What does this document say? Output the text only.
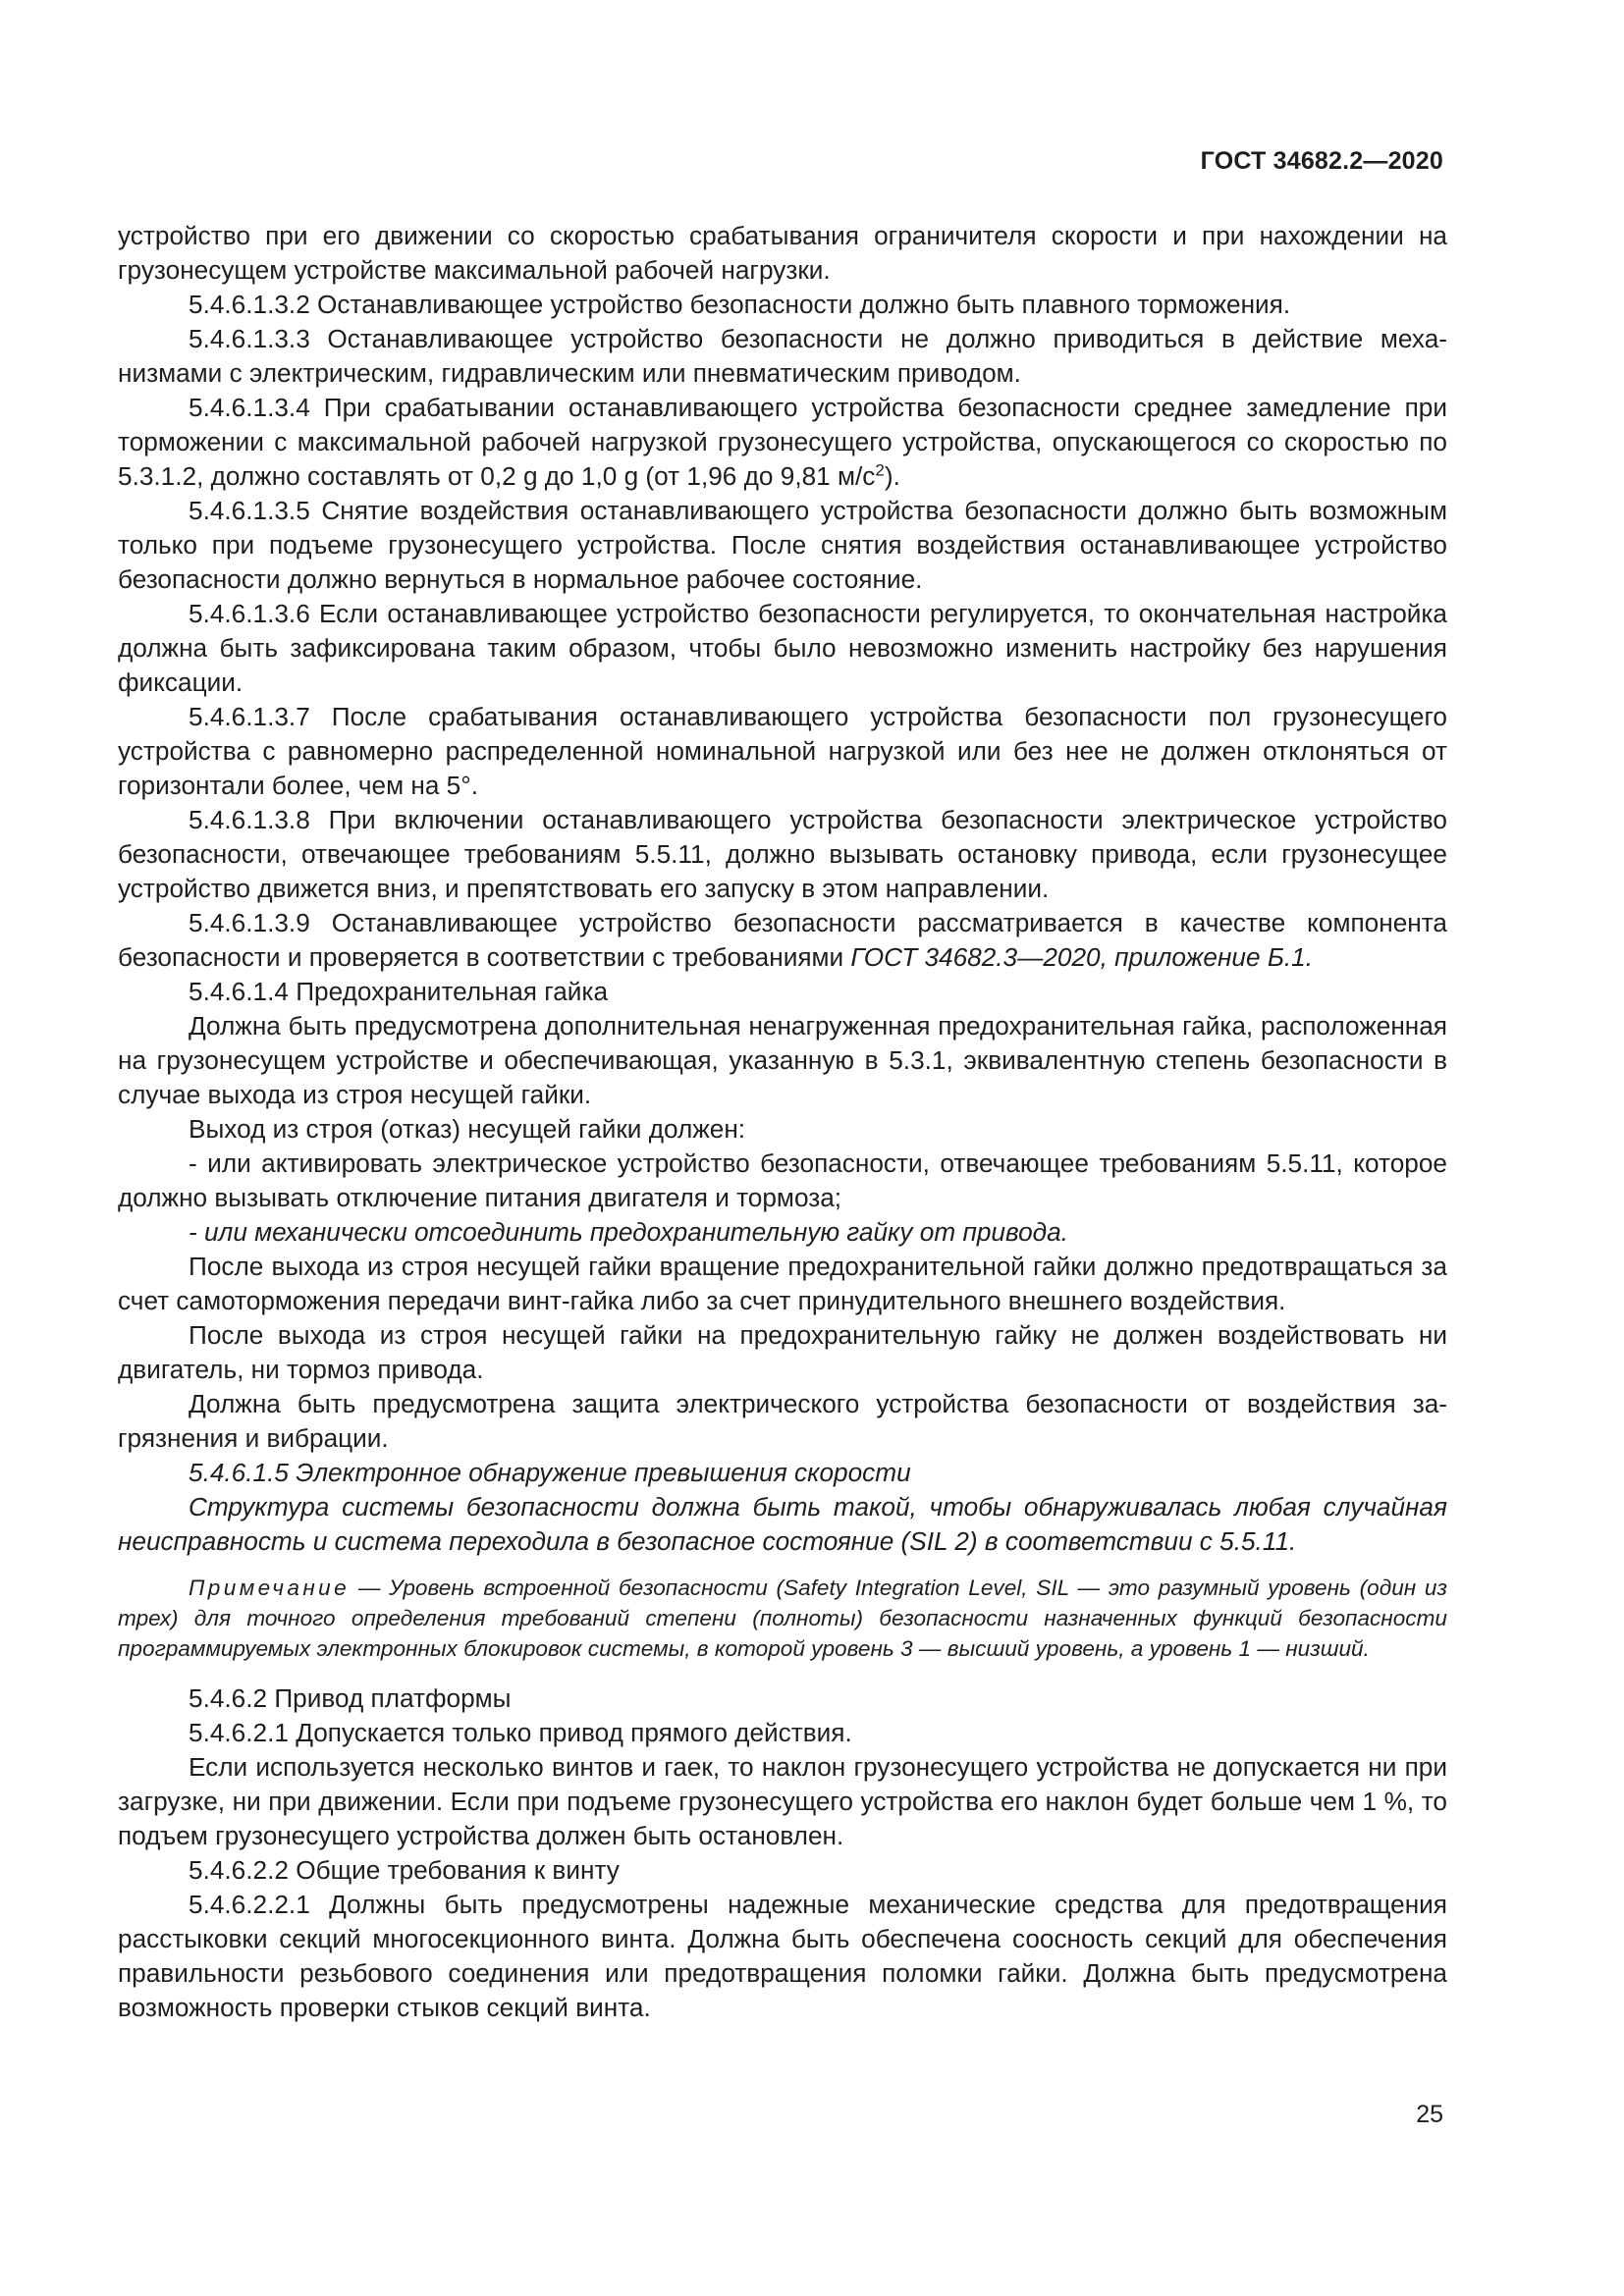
ГОСТ 34682.2—2020

устройство при его движении со скоростью срабатывания ограничителя скорости и при нахождении на грузонесущем устройстве максимальной рабочей нагрузки.

5.4.6.1.3.2 Останавливающее устройство безопасности должно быть плавного торможения.

5.4.6.1.3.3 Останавливающее устройство безопасности не должно приводиться в действие механизмами с электрическим, гидравлическим или пневматическим приводом.

5.4.6.1.3.4 При срабатывании останавливающего устройства безопасности среднее замедление при торможении с максимальной рабочей нагрузкой грузонесущего устройства, опускающегося со скоростью по 5.3.1.2, должно составлять от 0,2 g до 1,0 g (от 1,96 до 9,81 $м/с^2$).

5.4.6.1.3.5 Снятие воздействия останавливающего устройства безопасности должно быть возможным только при подъеме грузонесущего устройства. После снятия воздействия останавливающее устройство безопасности должно вернуться в нормальное рабочее состояние.

5.4.6.1.3.6 Если останавливающее устройство безопасности регулируется, то окончательная настройка должна быть зафиксирована таким образом, чтобы было невозможно изменить настройку без нарушения фиксации.

5.4.6.1.3.7 После срабатывания останавливающего устройства безопасности пол грузонесущего устройства с равномерно распределенной номинальной нагрузкой или без нее не должен отклоняться от горизонтали более, чем на 5°.

5.4.6.1.3.8 При включении останавливающего устройства безопасности электрическое устройство безопасности, отвечающее требованиям 5.5.11, должно вызывать остановку привода, если грузонесущее устройство движется вниз, и препятствовать его запуску в этом направлении.

5.4.6.1.3.9 Останавливающее устройство безопасности рассматривается в качестве компонента безопасности и проверяется в соответствии с требованиями ГОСТ 34682.3—2020, приложение Б.1.

5.4.6.1.4 Предохранительная гайка

Должна быть предусмотрена дополнительная ненагруженная предохранительная гайка, расположенная на грузонесущем устройстве и обеспечивающая, указанную в 5.3.1, эквивалентную степень безопасности в случае выхода из строя несущей гайки.

Выход из строя (отказ) несущей гайки должен:

- или активировать электрическое устройство безопасности, отвечающее требованиям 5.5.11, которое должно вызывать отключение питания двигателя и тормоза;

- или механически отсоединить предохранительную гайку от привода.

После выхода из строя несущей гайки вращение предохранительной гайки должно предотвращаться за счет самоторможения передачи винт-гайка либо за счет принудительного внешнего воздействия.

После выхода из строя несущей гайки на предохранительную гайку не должен воздействовать ни двигатель, ни тормоз привода.

Должна быть предусмотрена защита электрического устройства безопасности от воздействия загрязнения и вибрации.

5.4.6.1.5 Электронное обнаружение превышения скорости

Структура системы безопасности должна быть такой, чтобы обнаруживалась любая случайная неисправность и система переходила в безопасное состояние (SIL 2) в соответствии с 5.5.11.

Примечание — Уровень встроенной безопасности (Safety Integration Level, SIL — это разумный уровень (один из трех) для точного определения требований степени (полноты) безопасности назначенных функций безопасности программируемых электронных блокировок системы, в которой уровень 3 — высший уровень, а уровень 1 — низший.

5.4.6.2 Привод платформы

5.4.6.2.1 Допускается только привод прямого действия.

Если используется несколько винтов и гаек, то наклон грузонесущего устройства не допускается ни при загрузке, ни при движении. Если при подъеме грузонесущего устройства его наклон будет больше чем 1 %, то подъем грузонесущего устройства должен быть остановлен.

5.4.6.2.2 Общие требования к винту

5.4.6.2.2.1 Должны быть предусмотрены надежные механические средства для предотвращения расстыковки секций многосекционного винта. Должна быть обеспечена соосность секций для обеспечения правильности резьбового соединения или предотвращения поломки гайки. Должна быть предусмотрена возможность проверки стыков секций винта.

25
